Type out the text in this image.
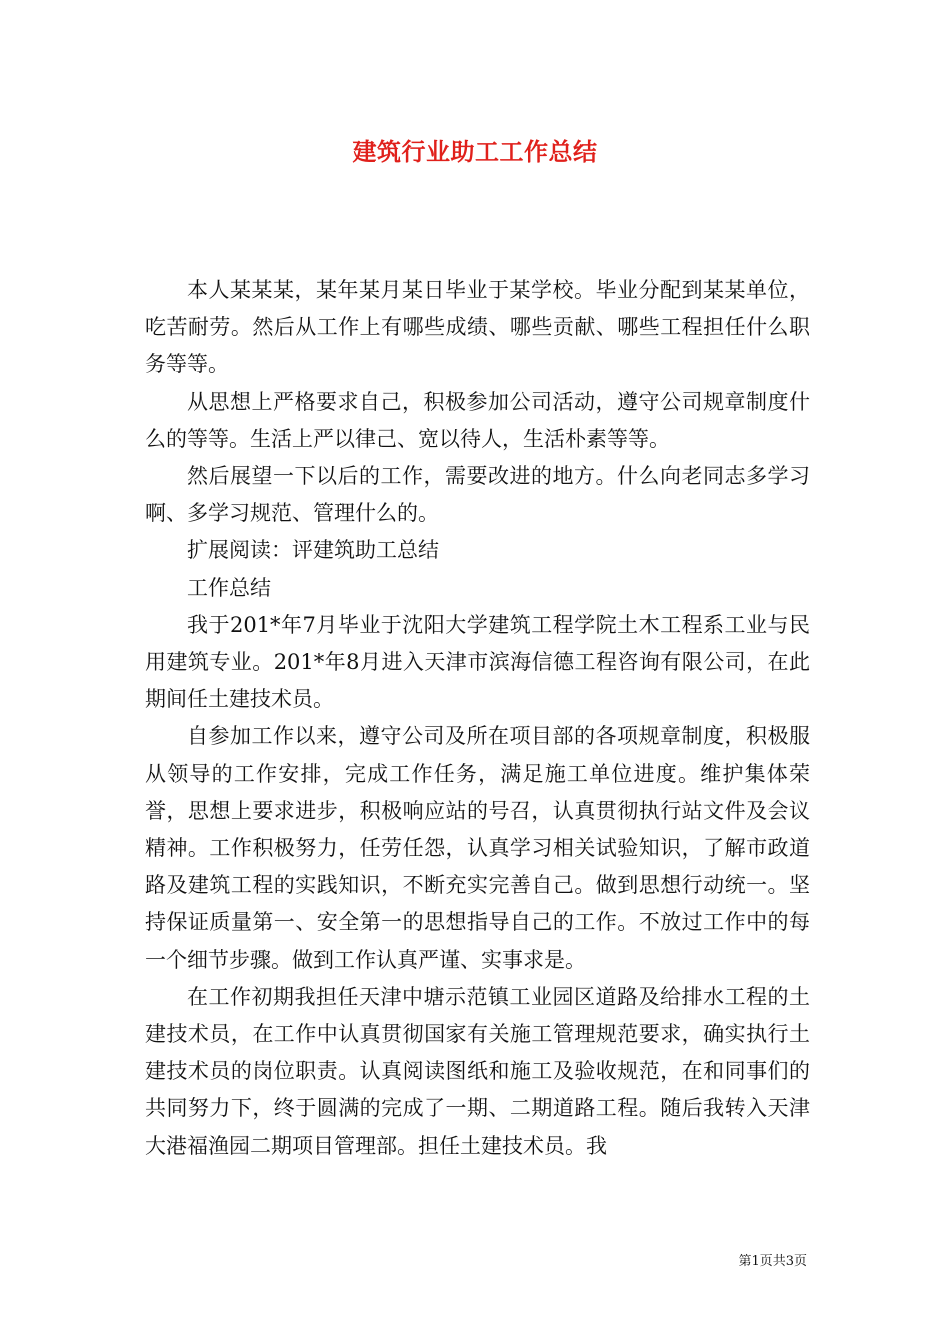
建筑行业助工工作总结

本人某某某，某年某月某日毕业于某学校。毕业分配到某某单位，吃苦耐劳。然后从工作上有哪些成绩、哪些贡献、哪些工程担任什么职务等等。

从思想上严格要求自己，积极参加公司活动，遵守公司规章制度什么的等等。生活上严以律己、宽以待人，生活朴素等等。

然后展望一下以后的工作，需要改进的地方。什么向老同志多学习啊、多学习规范、管理什么的。

扩展阅读：评建筑助工总结

工作总结

我于201*年7月毕业于沈阳大学建筑工程学院土木工程系工业与民用建筑专业。201*年8月进入天津市滨海信德工程咨询有限公司，在此期间任土建技术员。

自参加工作以来，遵守公司及所在项目部的各项规章制度，积极服从领导的工作安排，完成工作任务，满足施工单位进度。维护集体荣誉，思想上要求进步，积极响应站的号召，认真贯彻执行站文件及会议精神。工作积极努力，任劳任怨，认真学习相关试验知识，了解市政道路及建筑工程的实践知识，不断充实完善自己。做到思想行动统一。坚持保证质量第一、安全第一的思想指导自己的工作。不放过工作中的每一个细节步骤。做到工作认真严谨、实事求是。

在工作初期我担任天津中塘示范镇工业园区道路及给排水工程的土建技术员，在工作中认真贯彻国家有关施工管理规范要求，确实执行土建技术员的岗位职责。认真阅读图纸和施工及验收规范，在和同事们的共同努力下，终于圆满的完成了一期、二期道路工程。随后我转入天津大港福渔园二期项目管理部。担任土建技术员。我

第1页共3页
